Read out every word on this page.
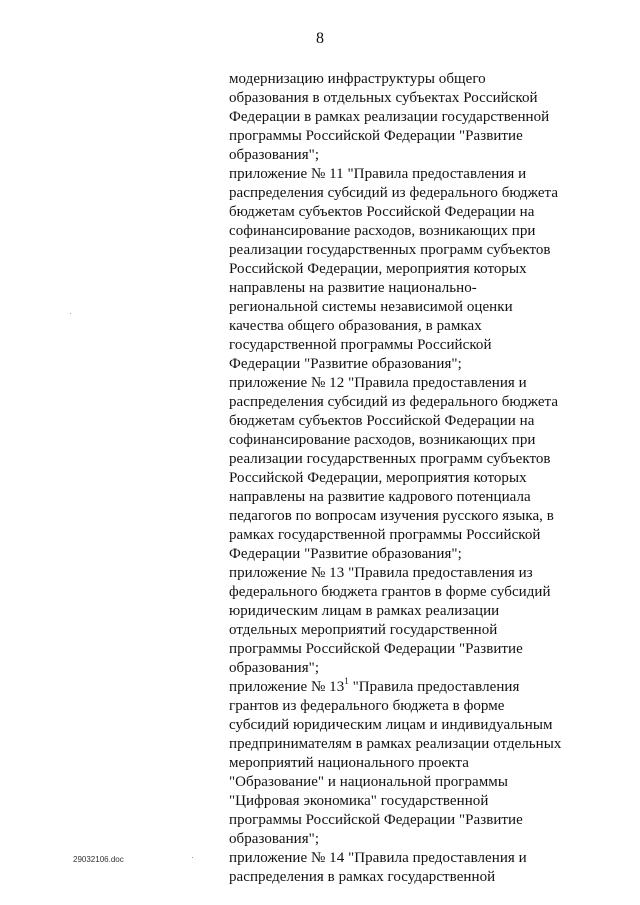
8
модернизацию инфраструктуры общего
образования в отдельных субъектах Российской
Федерации в рамках реализации государственной
программы Российской Федерации "Развитие
образования";
приложение № 11 "Правила предоставления и
распределения субсидий из федерального бюджета
бюджетам субъектов Российской Федерации на
софинансирование расходов, возникающих при
реализации государственных программ субъектов
Российской Федерации, мероприятия которых
направлены на развитие национально-
региональной системы независимой оценки
качества общего образования, в рамках
государственной программы Российской
Федерации "Развитие образования";
приложение № 12 "Правила предоставления и
распределения субсидий из федерального бюджета
бюджетам субъектов Российской Федерации на
софинансирование расходов, возникающих при
реализации государственных программ субъектов
Российской Федерации, мероприятия которых
направлены на развитие кадрового потенциала
педагогов по вопросам изучения русского языка, в
рамках государственной программы Российской
Федерации "Развитие образования";
приложение № 13 "Правила предоставления из
федерального бюджета грантов в форме субсидий
юридическим лицам в рамках реализации
отдельных мероприятий государственной
программы Российской Федерации "Развитие
образования";
приложение № $13^1$ "Правила предоставления
грантов из федерального бюджета в форме
субсидий юридическим лицам и индивидуальным
предпринимателям в рамках реализации отдельных
мероприятий национального проекта
"Образование" и национальной программы
"Цифровая экономика" государственной
программы Российской Федерации "Развитие
образования";
приложение № 14 "Правила предоставления и
распределения в рамках государственной
29032106.doc
